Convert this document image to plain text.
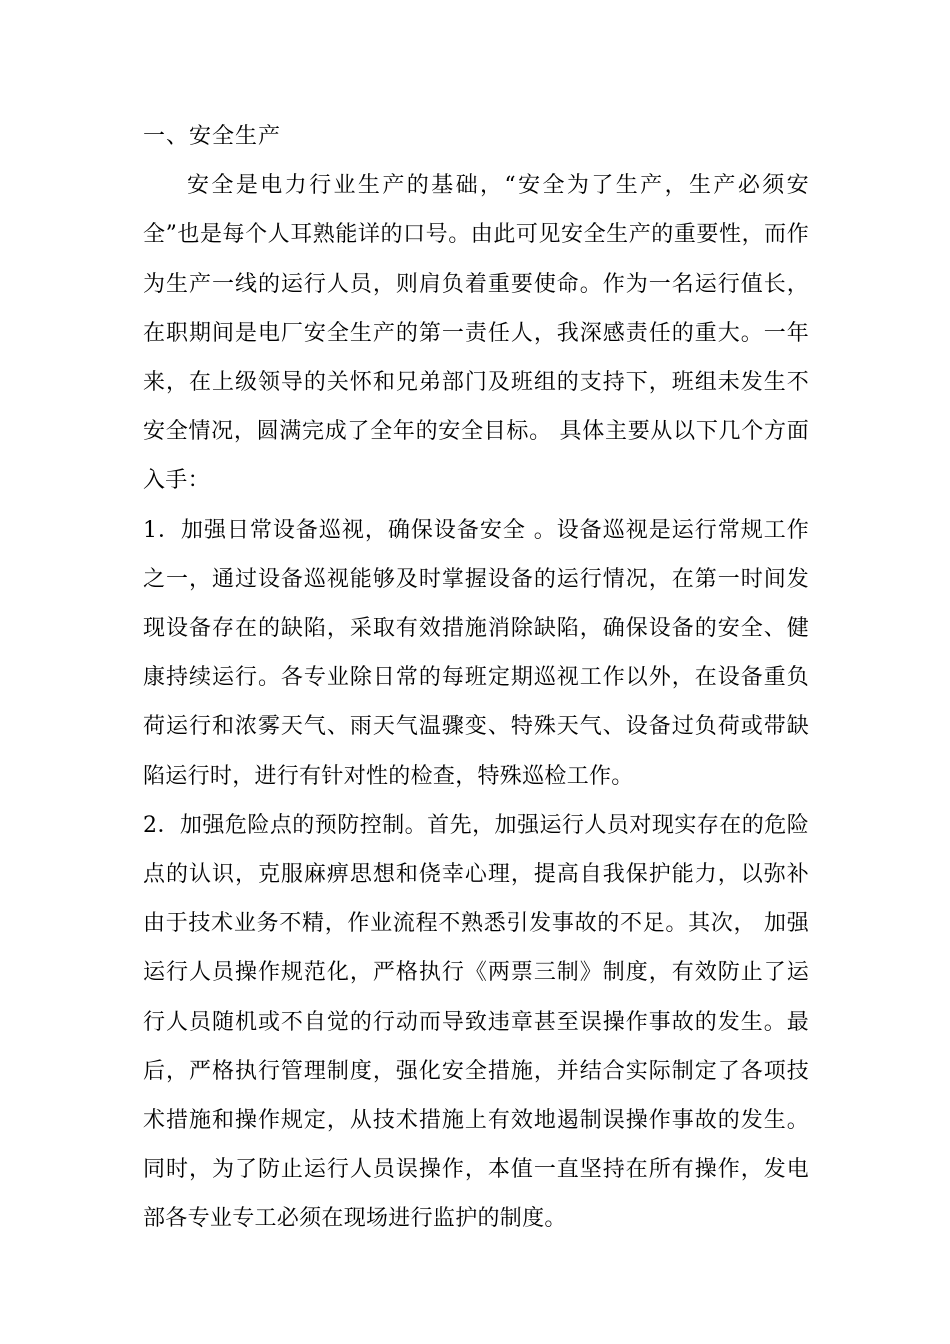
一、安全生产

安全是电力行业生产的基础，“安全为了生产，生产必须安全”也是每个人耳熟能详的口号。由此可见安全生产的重要性，而作为生产一线的运行人员，则肩负着重要使命。作为一名运行值长，在职期间是电厂安全生产的第一责任人，我深感责任的重大。一年来，在上级领导的关怀和兄弟部门及班组的支持下，班组未发生不安全情况，圆满完成了全年的安全目标。 具体主要从以下几个方面入手：

1．加强日常设备巡视，确保设备安全 。设备巡视是运行常规工作之一，通过设备巡视能够及时掌握设备的运行情况，在第一时间发现设备存在的缺陷，采取有效措施消除缺陷，确保设备的安全、健康持续运行。各专业除日常的每班定期巡视工作以外，在设备重负荷运行和浓雾天气、雨天气温骤变、特殊天气、设备过负荷或带缺陷运行时，进行有针对性的检查，特殊巡检工作。

2．加强危险点的预防控制。首先，加强运行人员对现实存在的危险点的认识，克服麻痹思想和侥幸心理，提高自我保护能力，以弥补由于技术业务不精，作业流程不熟悉引发事故的不足。其次， 加强运行人员操作规范化，严格执行《两票三制》制度，有效防止了运行人员随机或不自觉的行动而导致违章甚至误操作事故的发生。最后，严格执行管理制度，强化安全措施，并结合实际制定了各项技术措施和操作规定，从技术措施上有效地遏制误操作事故的发生。同时，为了防止运行人员误操作，本值一直坚持在所有操作，发电部各专业专工必须在现场进行监护的制度。
